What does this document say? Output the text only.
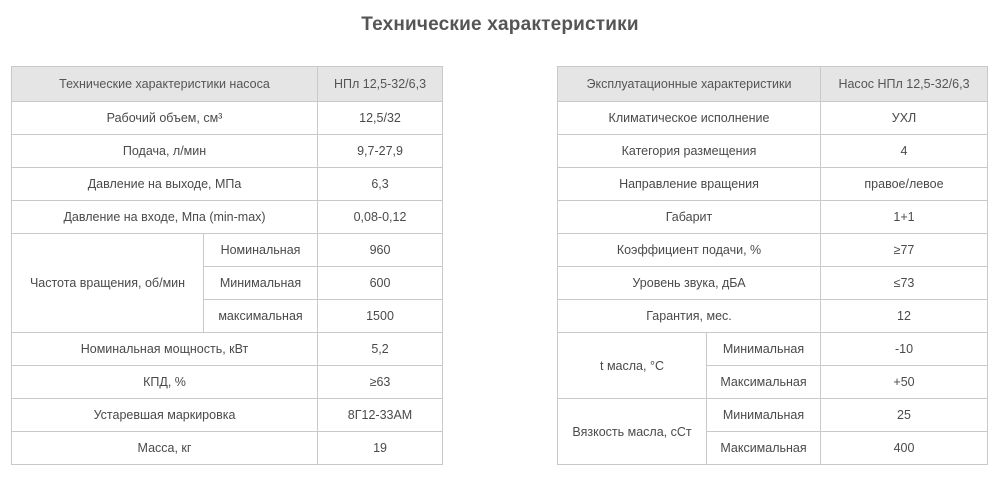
Технические характеристики
Технические характеристики насоса		НПл 12,5-32/6,3
Рабочий объем, см³		12,5/32
Подача, л/мин		9,7-27,9
Давление на выходе, МПа		6,3
Давление на входе, Мпа (min-max)		0,08-0,12
Частота вращения, об/мин	Номинальная	960
	Минимальная	600
	максимальная	1500
Номинальная мощность, кВт		5,2
КПД, %		≥63
Устаревшая маркировка		8Г12-33АМ
Масса, кг		19
Эксплуатационные характеристики		Насос НПл 12,5-32/6,3
Климатическое исполнение		УХЛ
Категория размещения		4
Направление вращения		правое/левое
Габарит		1+1
Коэффициент подачи, %		≥77
Уровень звука, дБА		≤73
Гарантия, мес.		12
t масла, °С	Минимальная	-10
	Максимальная	+50
Вязкость масла, сСт	Минимальная	25
	Максимальная	400
